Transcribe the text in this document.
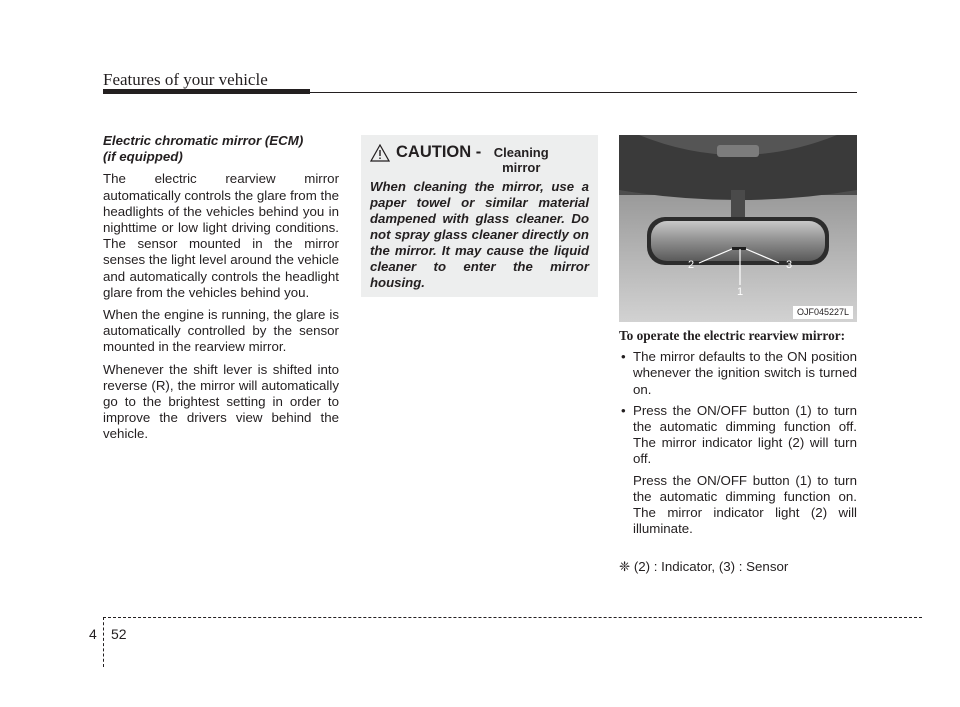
Features of your vehicle
Electric chromatic mirror (ECM)
(if equipped)

The electric rearview mirror automatically controls the glare from the headlights of the vehicles behind you in nighttime or low light driving conditions. The sensor mounted in the mirror senses the light level around the vehicle and automatically controls the headlight glare from the vehicles behind you.

When the engine is running, the glare is automatically controlled by the sensor mounted in the rearview mirror.

Whenever the shift lever is shifted into reverse (R), the mirror will automatically go to the brightest setting in order to improve the drivers view behind the vehicle.

CAUTION - Cleaning mirror
When cleaning the mirror, use a paper towel or similar material dampened with glass cleaner. Do not spray glass cleaner directly on the mirror. It may cause the liquid cleaner to enter the mirror housing.
1
2	3
OJF045227L
To operate the electric rearview mirror:
• The mirror defaults to the ON position whenever the ignition switch is turned on.
• Press the ON/OFF button (1) to turn the automatic dimming function off. The mirror indicator light (2) will turn off.
Press the ON/OFF button (1) to turn the automatic dimming function on. The mirror indicator light (2) will illuminate.
❈ (2) : Indicator, (3) : Sensor
4 52
